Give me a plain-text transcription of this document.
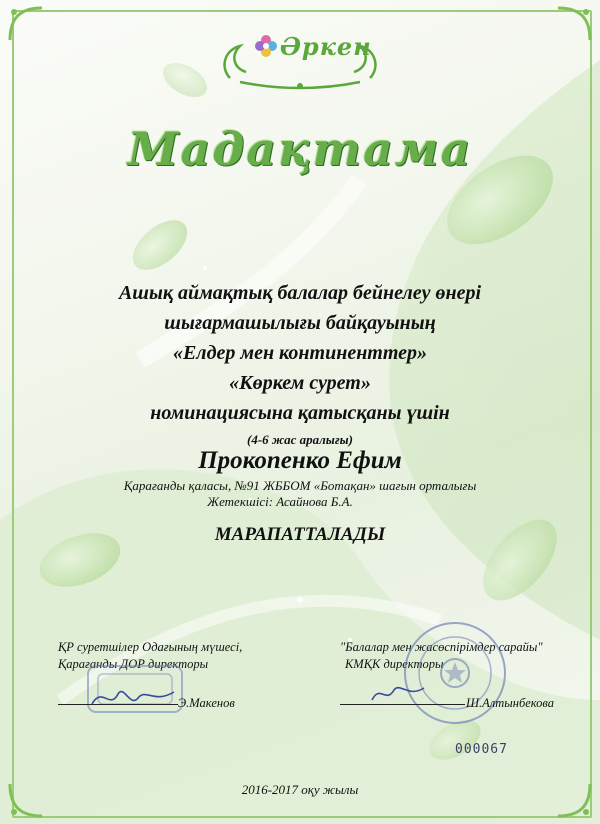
Әркен
Мадақтама
Ашық аймақтық балалар бейнелеу өнері
шығармашылығы байқауының
«Елдер мен континенттер»
«Көркем сурет»
номинациясына қатысқаны үшін
(4-6 жас аралығы)
Прокопенко Ефим
Қарағанды қаласы, №91 ЖББОМ «Ботақан» шағын орталығы
Жетекшісі: Асайнова Б.А.
МАРАПАТТАЛАДЫ
ҚР суретшілер Одағының мүшесі,
Қарағанды ДОР директоры
Э.Макенов
"Балалар мен жасөспірімдер сарайы"
КМҚК директоры
Ш.Алтынбекова
000067
2016-2017 оқу жылы
